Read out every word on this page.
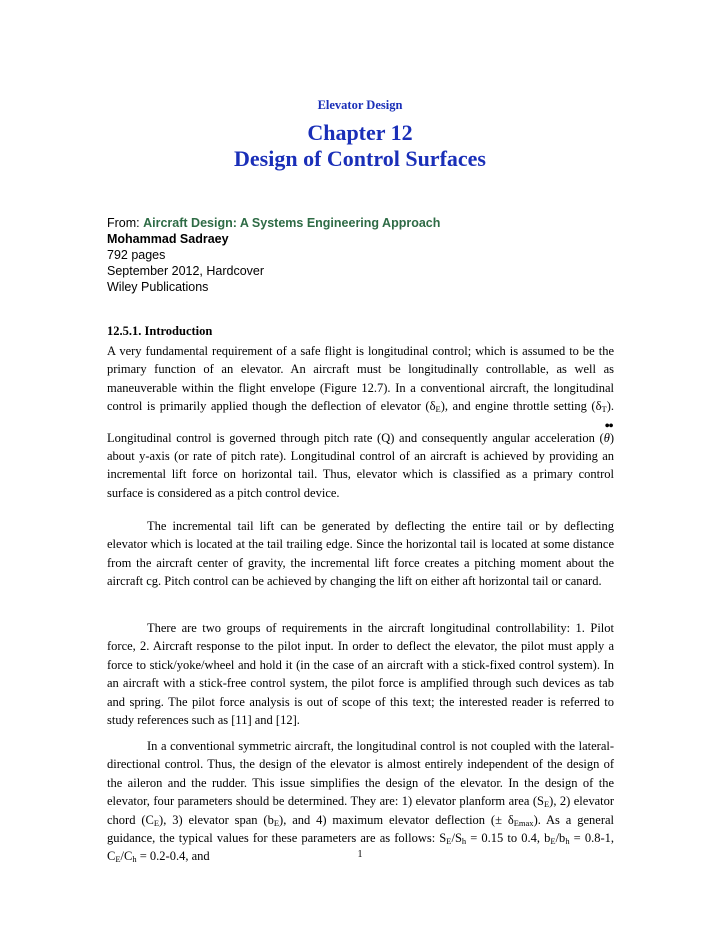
Elevator Design
Chapter 12
Design of Control Surfaces
From: Aircraft Design: A Systems Engineering Approach
Mohammad Sadraey
792 pages
September 2012, Hardcover
Wiley Publications
12.5.1. Introduction
A very fundamental requirement of a safe flight is longitudinal control; which is assumed to be the primary function of an elevator. An aircraft must be longitudinally controllable, as well as maneuverable within the flight envelope (Figure 12.7). In a conventional aircraft, the longitudinal control is primarily applied though the deflection of elevator $(\delta_E)$, and engine throttle setting $(\delta_T)$. Longitudinal control is governed through pitch rate (Q) and consequently angular acceleration (
••
θ) about y-axis (or rate of pitch rate). Longitudinal control of an aircraft is achieved by providing an incremental lift force on horizontal tail. Thus, elevator which is classified as a primary control surface is considered as a pitch control device.
The incremental tail lift can be generated by deflecting the entire tail or by deflecting elevator which is located at the tail trailing edge. Since the horizontal tail is located at some distance from the aircraft center of gravity, the incremental lift force creates a pitching moment about the aircraft cg. Pitch control can be achieved by changing the lift on either aft horizontal tail or canard.
There are two groups of requirements in the aircraft longitudinal controllability: 1. Pilot force, 2. Aircraft response to the pilot input. In order to deflect the elevator, the pilot must apply a force to stick/yoke/wheel and hold it (in the case of an aircraft with a stick-fixed control system). In an aircraft with a stick-free control system, the pilot force is amplified through such devices as tab and spring. The pilot force analysis is out of scope of this text; the interested reader is referred to study references such as [11] and [12].
In a conventional symmetric aircraft, the longitudinal control is not coupled with the lateral-directional control. Thus, the design of the elevator is almost entirely independent of the design of the aileron and the rudder. This issue simplifies the design of the elevator. In the design of the elevator, four parameters should be determined. They are: 1) elevator planform area $(S_E)$, 2) elevator chord $(C_E)$, 3) elevator span $(b_E)$, and 4) maximum elevator deflection (± $\delta_{Emax}$). As a general guidance, the typical values for these parameters are as follows: $S_E/S_h = 0.15$ to 0.4, $b_E/b_h = 0.8-1$, $C_E/C_h = 0.2-0.4$, and	1
